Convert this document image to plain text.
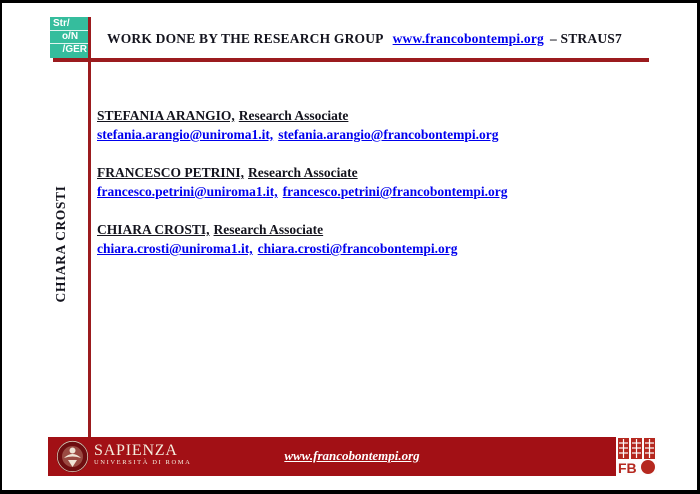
Str/
o/N
/GER
WORK DONE BY THE RESEARCH GROUP www.francobontempi.org – STRAUS7
CHIARA CROSTI
STEFANIA ARANGIO, Research Associate
stefania.arangio@uniroma1.it, stefania.arangio@francobontempi.org
FRANCESCO PETRINI, Research Associate
francesco.petrini@uniroma1.it, francesco.petrini@francobontempi.org
CHIARA CROSTI, Research Associate
chiara.crosti@uniroma1.it, chiara.crosti@francobontempi.org
SAPIENZA
UNIVERSITÀ DI ROMA	www.francobontempi.org
FB
